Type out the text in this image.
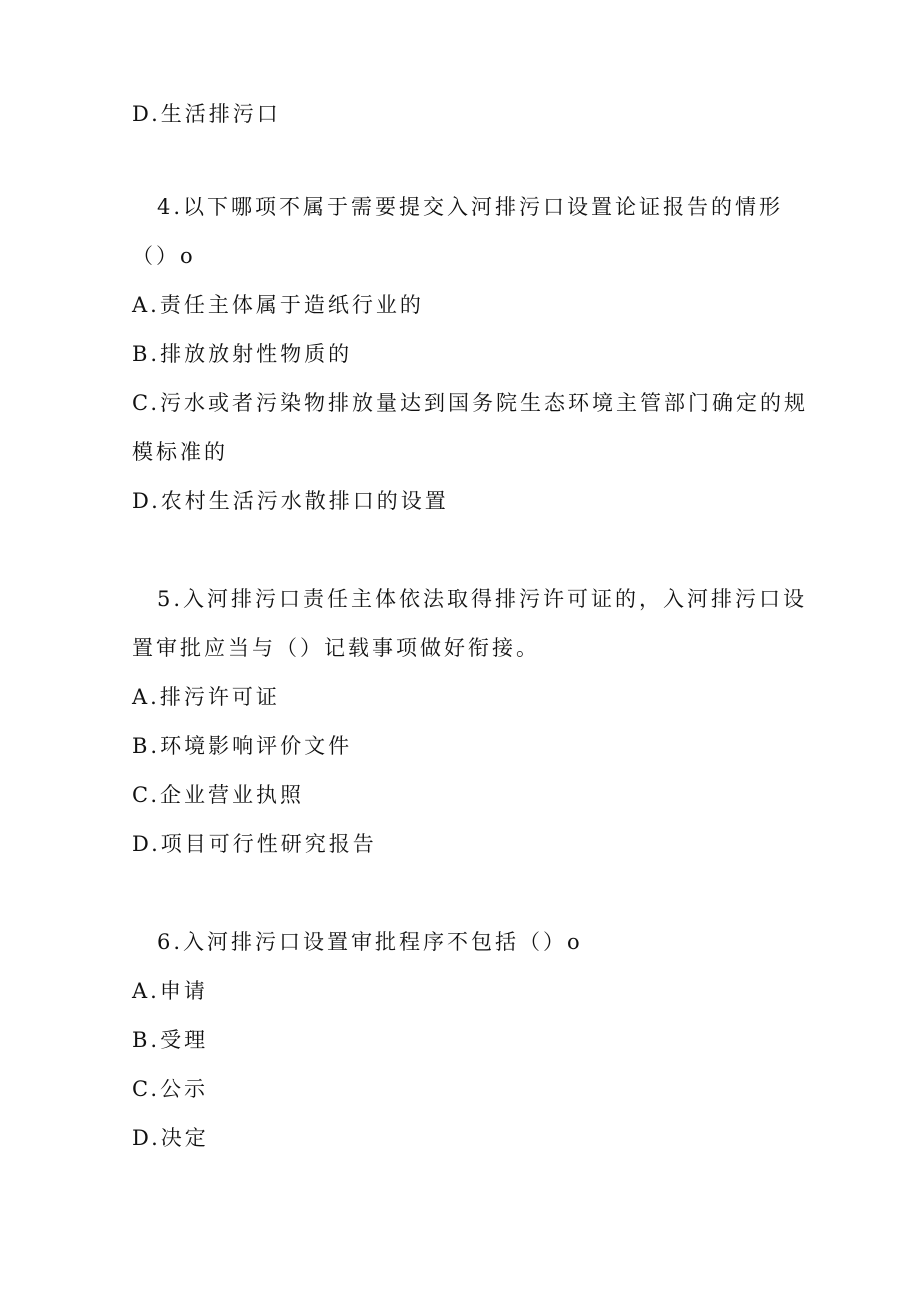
D.生活排污口
4.以下哪项不属于需要提交入河排污口设置论证报告的情形
（）o
A.责任主体属于造纸行业的
B.排放放射性物质的
C.污水或者污染物排放量达到国务院生态环境主管部门确定的规
模标准的
D.农村生活污水散排口的设置
5.入河排污口责任主体依法取得排污许可证的，入河排污口设
置审批应当与（）记载事项做好衔接。
A.排污许可证
B.环境影响评价文件
C.企业营业执照
D.项目可行性研究报告
6.入河排污口设置审批程序不包括（）o
A.申请
B.受理
C.公示
D.决定
